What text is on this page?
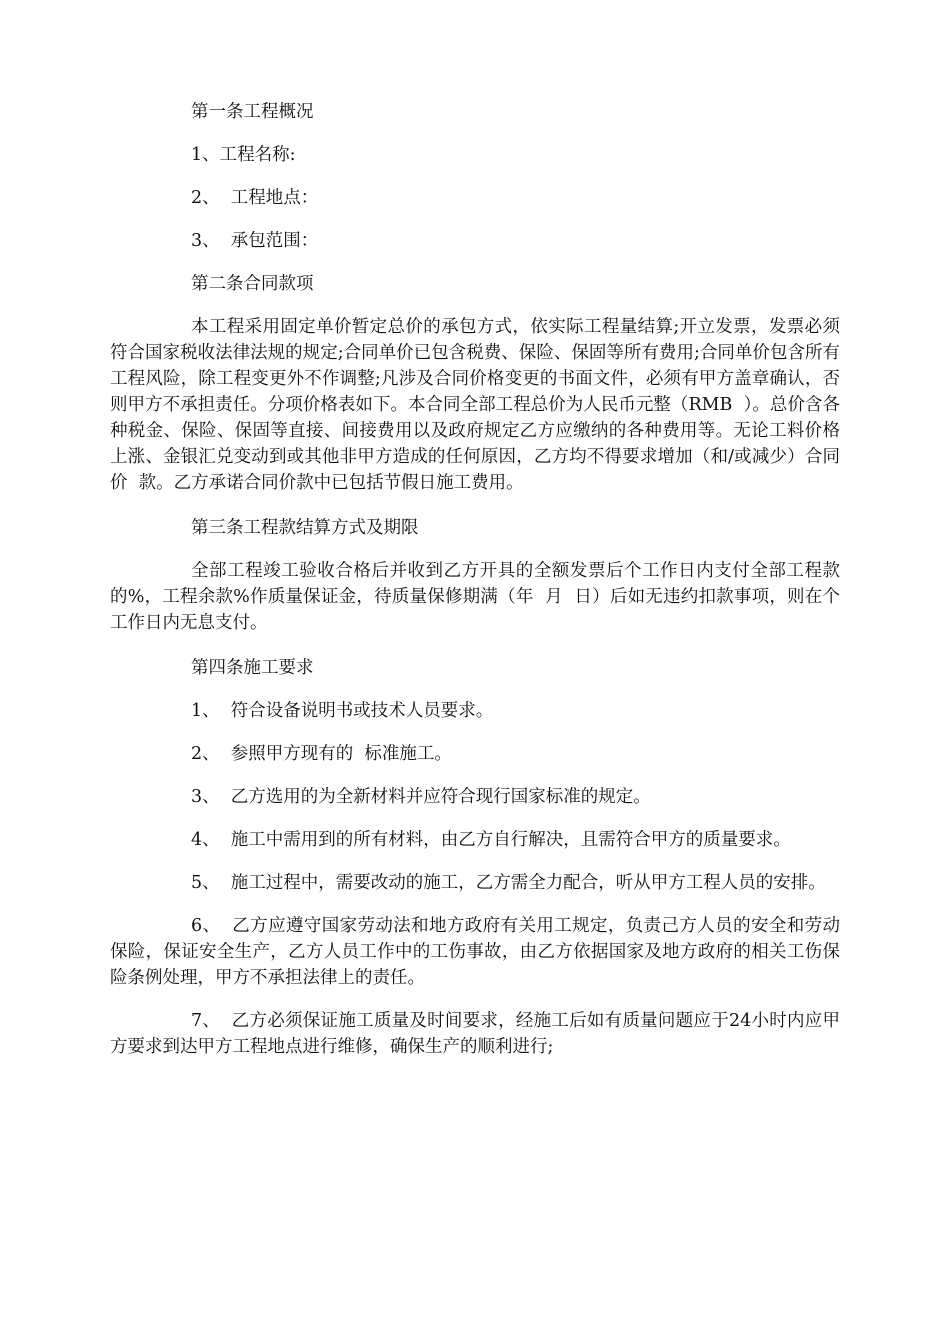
第一条工程概况

1、工程名称:

2、  工程地点：

3、  承包范围：

第二条合同款项

本工程采用固定单价暂定总价的承包方式，依实际工程量结算;开立发票，发票必须符合国家税收法律法规的规定;合同单价已包含税费、保险、保固等所有费用;合同单价包含所有工程风险，除工程变更外不作调整;凡涉及合同价格变更的书面文件，必须有甲方盖章确认，否则甲方不承担责任。分项价格表如下。本合同全部工程总价为人民币元整（RMB  ）。总价含各种税金、保险、保固等直接、间接费用以及政府规定乙方应缴纳的各种费用等。无论工料价格上涨、金银汇兑变动到或其他非甲方造成的任何原因，乙方均不得要求增加（和/或减少）合同价  款。乙方承诺合同价款中已包括节假日施工费用。

第三条工程款结算方式及期限

全部工程竣工验收合格后并收到乙方开具的全额发票后个工作日内支付全部工程款的%，工程余款%作质量保证金，待质量保修期满（年  月  日）后如无违约扣款事项，则在个工作日内无息支付。

第四条施工要求

1、  符合设备说明书或技术人员要求。

2、  参照甲方现有的  标准施工。

3、  乙方选用的为全新材料并应符合现行国家标准的规定。

4、  施工中需用到的所有材料，由乙方自行解决，且需符合甲方的质量要求。

5、  施工过程中，需要改动的施工，乙方需全力配合，听从甲方工程人员的安排。

6、  乙方应遵守国家劳动法和地方政府有关用工规定，负责己方人员的安全和劳动保险，保证安全生产，乙方人员工作中的工伤事故，由乙方依据国家及地方政府的相关工伤保险条例处理，甲方不承担法律上的责任。

7、  乙方必须保证施工质量及时间要求，经施工后如有质量问题应于24小时内应甲方要求到达甲方工程地点进行维修，确保生产的顺利进行;
